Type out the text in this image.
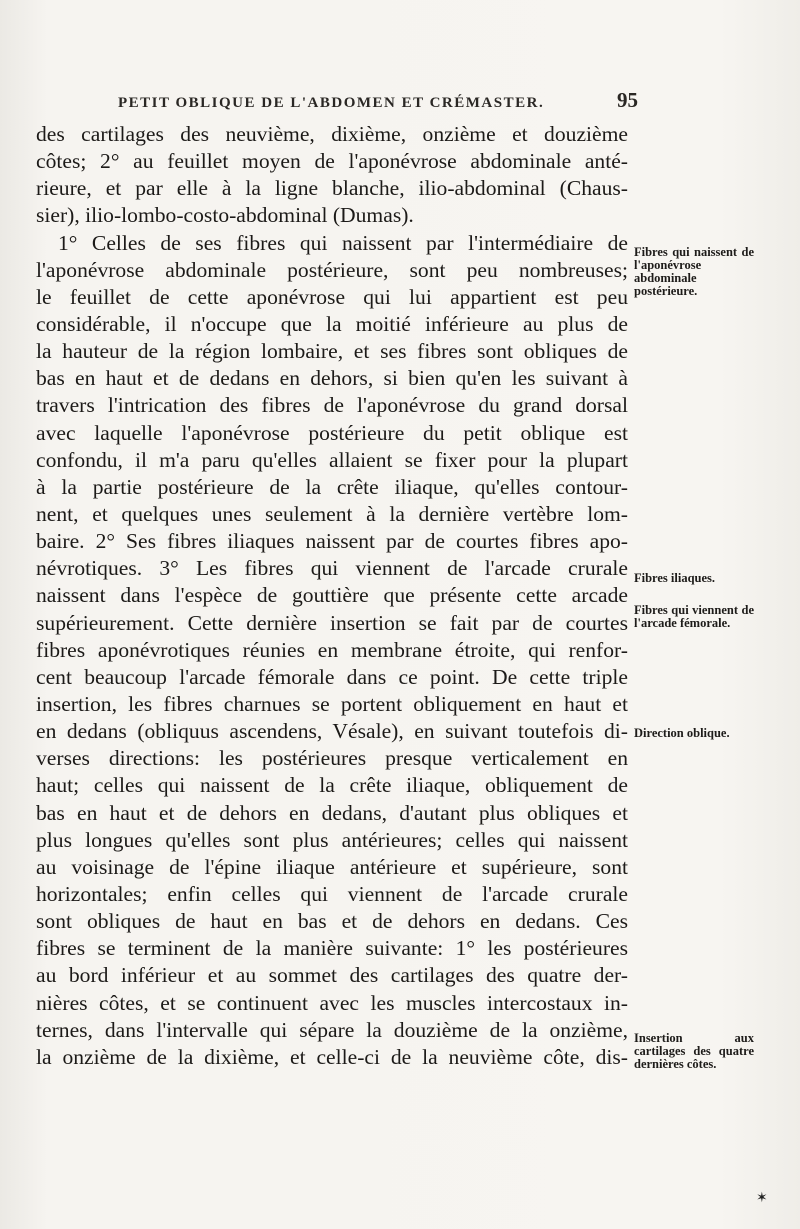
PETIT OBLIQUE DE L'ABDOMEN ET CRÉMASTER.	95
des cartilages des neuvième, dixième, onzième et douzième
côtes; 2° au feuillet moyen de l'aponévrose abdominale anté-
rieure, et par elle à la ligne blanche, ilio-abdominal (Chaus-
sier), ilio-lombo-costo-abdominal (Dumas).
1° Celles de ses fibres qui naissent par l'intermédiaire de
l'aponévrose abdominale postérieure, sont peu nombreuses;
le feuillet de cette aponévrose qui lui appartient est peu
considérable, il n'occupe que la moitié inférieure au plus de
la hauteur de la région lombaire, et ses fibres sont obliques de
bas en haut et de dedans en dehors, si bien qu'en les suivant à
travers l'intrication des fibres de l'aponévrose du grand dorsal
avec laquelle l'aponévrose postérieure du petit oblique est
confondu, il m'a paru qu'elles allaient se fixer pour la plupart
à la partie postérieure de la crête iliaque, qu'elles contour-
nent, et quelques unes seulement à la dernière vertèbre lom-
baire. 2° Ses fibres iliaques naissent par de courtes fibres apo-
névrotiques. 3° Les fibres qui viennent de l'arcade crurale
naissent dans l'espèce de gouttière que présente cette arcade
supérieurement. Cette dernière insertion se fait par de courtes
fibres aponévrotiques réunies en membrane étroite, qui renfor-
cent beaucoup l'arcade fémorale dans ce point. De cette triple
insertion, les fibres charnues se portent obliquement en haut et
en dedans (obliquus ascendens, Vésale), en suivant toutefois di-
verses directions: les postérieures presque verticalement en
haut; celles qui naissent de la crête iliaque, obliquement de
bas en haut et de dehors en dedans, d'autant plus obliques et
plus longues qu'elles sont plus antérieures; celles qui naissent
au voisinage de l'épine iliaque antérieure et supérieure, sont
horizontales; enfin celles qui viennent de l'arcade crurale
sont obliques de haut en bas et de dehors en dedans. Ces
fibres se terminent de la manière suivante: 1° les postérieures
au bord inférieur et au sommet des cartilages des quatre der-
nières côtes, et se continuent avec les muscles intercostaux in-
ternes, dans l'intervalle qui sépare la douzième de la onzième,
la onzième de la dixième, et celle-ci de la neuvième côte, dis-
Fibres qui naissent de l'aponévrose abdominale postérieure.
Fibres iliaques.
Fibres qui viennent de l'arcade fémorale.
Direction oblique.
Insertion aux cartilages des quatre dernières côtes.
✶
